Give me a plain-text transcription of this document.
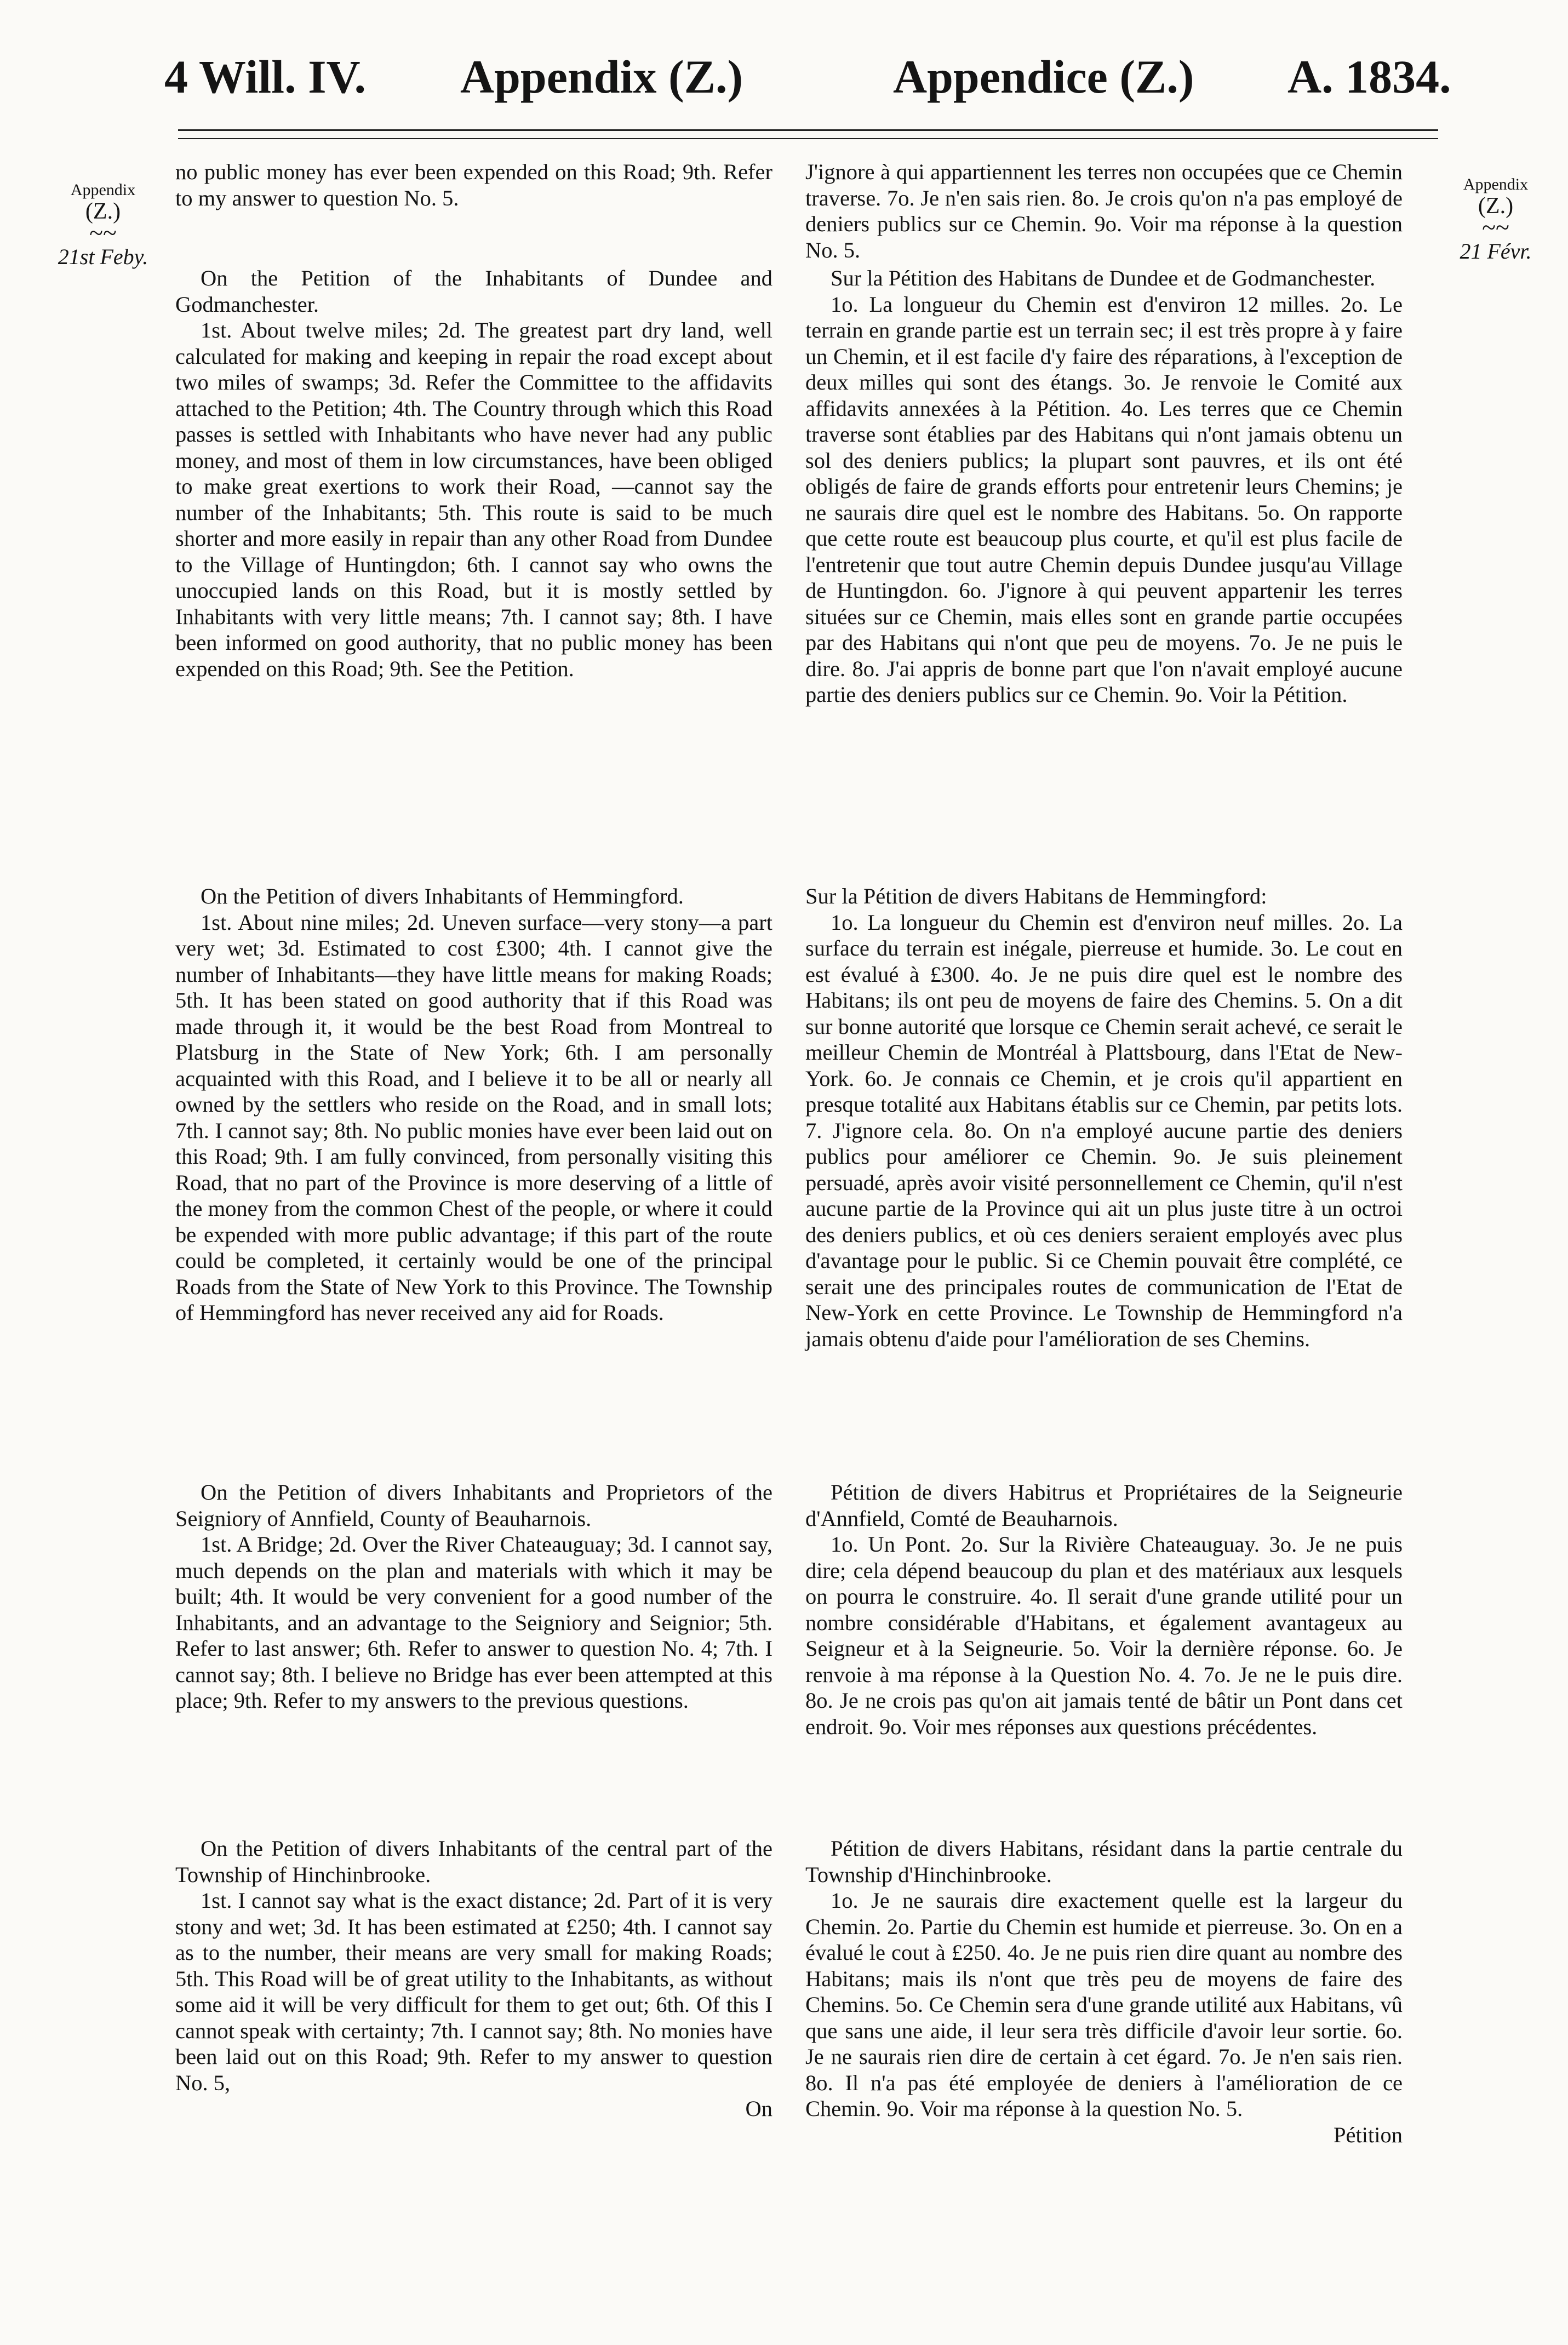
4 Will. IV. Appendix (Z.)	Appendice (Z.) A. 1834.
Appendix
(Z.)
~~
21st Feby.
Appendix
(Z.)
~~
21 Févr.

no public money has ever been expended on this Road; 9th. Refer to my answer to question No. 5.

On the Petition of the Inhabitants of Dundee and Godmanchester.

1st. About twelve miles; 2d. The greatest part dry land, well calculated for making and keeping in repair the road except about two miles of swamps; 3d. Refer the Committee to the affidavits attached to the Petition; 4th. The Country through which this Road passes is settled with Inhabitants who have never had any public money, and most of them in low circumstances, have been obliged to make great exertions to work their Road, —cannot say the number of the Inhabitants; 5th. This route is said to be much shorter and more easily in repair than any other Road from Dundee to the Village of Huntingdon; 6th. I cannot say who owns the unoccupied lands on this Road, but it is mostly settled by Inhabitants with very little means; 7th. I cannot say; 8th. I have been informed on good authority, that no public money has been expended on this Road; 9th. See the Petition.

On the Petition of divers Inhabitants of Hemmingford.

1st. About nine miles; 2d. Uneven surface—very stony—a part very wet; 3d. Estimated to cost £300; 4th. I cannot give the number of Inhabitants—they have little means for making Roads; 5th. It has been stated on good authority that if this Road was made through it, it would be the best Road from Montreal to Platsburg in the State of New York; 6th. I am personally acquainted with this Road, and I believe it to be all or nearly all owned by the settlers who reside on the Road, and in small lots; 7th. I cannot say; 8th. No public monies have ever been laid out on this Road; 9th. I am fully convinced, from personally visiting this Road, that no part of the Province is more deserving of a little of the money from the common Chest of the people, or where it could be expended with more public advantage; if this part of the route could be completed, it certainly would be one of the principal Roads from the State of New York to this Province. The Township of Hemmingford has never received any aid for Roads.

On the Petition of divers Inhabitants and Proprietors of the Seigniory of Annfield, County of Beauharnois.

1st. A Bridge; 2d. Over the River Chateauguay; 3d. I cannot say, much depends on the plan and materials with which it may be built; 4th. It would be very convenient for a good number of the Inhabitants, and an advantage to the Seigniory and Seignior; 5th. Refer to last answer; 6th. Refer to answer to question No. 4; 7th. I cannot say; 8th. I believe no Bridge has ever been attempted at this place; 9th. Refer to my answers to the previous questions.

On the Petition of divers Inhabitants of the central part of the Township of Hinchinbrooke.

1st. I cannot say what is the exact distance; 2d. Part of it is very stony and wet; 3d. It has been estimated at £250; 4th. I cannot say as to the number, their means are very small for making Roads; 5th. This Road will be of great utility to the Inhabitants, as without some aid it will be very difficult for them to get out; 6th. Of this I cannot speak with certainty; 7th. I cannot say; 8th. No monies have been laid out on this Road; 9th. Refer to my answer to question No. 5,

On

J'ignore à qui appartiennent les terres non occupées que ce Chemin traverse. 7o. Je n'en sais rien. 8o. Je crois qu'on n'a pas employé de deniers publics sur ce Chemin. 9o. Voir ma réponse à la question No. 5.

Sur la Pétition des Habitans de Dundee et de Godmanchester.

1o. La longueur du Chemin est d'environ 12 milles. 2o. Le terrain en grande partie est un terrain sec; il est très propre à y faire un Chemin, et il est facile d'y faire des réparations, à l'exception de deux milles qui sont des étangs. 3o. Je renvoie le Comité aux affidavits annexées à la Pétition. 4o. Les terres que ce Chemin traverse sont établies par des Habitans qui n'ont jamais obtenu un sol des deniers publics; la plupart sont pauvres, et ils ont été obligés de faire de grands efforts pour entretenir leurs Chemins; je ne saurais dire quel est le nombre des Habitans. 5o. On rapporte que cette route est beaucoup plus courte, et qu'il est plus facile de l'entretenir que tout autre Chemin depuis Dundee jusqu'au Village de Huntingdon. 6o. J'ignore à qui peuvent appartenir les terres situées sur ce Chemin, mais elles sont en grande partie occupées par des Habitans qui n'ont que peu de moyens. 7o. Je ne puis le dire. 8o. J'ai appris de bonne part que l'on n'avait employé aucune partie des deniers publics sur ce Chemin. 9o. Voir la Pétition.

Sur la Pétition de divers Habitans de Hemmingford:

1o. La longueur du Chemin est d'environ neuf milles. 2o. La surface du terrain est inégale, pierreuse et humide. 3o. Le cout en est évalué à £300. 4o. Je ne puis dire quel est le nombre des Habitans; ils ont peu de moyens de faire des Chemins. 5. On a dit sur bonne autorité que lorsque ce Chemin serait achevé, ce serait le meilleur Chemin de Montréal à Plattsbourg, dans l'Etat de New-York. 6o. Je connais ce Chemin, et je crois qu'il appartient en presque totalité aux Habitans établis sur ce Chemin, par petits lots. 7. J'ignore cela. 8o. On n'a employé aucune partie des deniers publics pour améliorer ce Chemin. 9o. Je suis pleinement persuadé, après avoir visité personnellement ce Chemin, qu'il n'est aucune partie de la Province qui ait un plus juste titre à un octroi des deniers publics, et où ces deniers seraient employés avec plus d'avantage pour le public. Si ce Chemin pouvait être complété, ce serait une des principales routes de communication de l'Etat de New-York en cette Province. Le Township de Hemmingford n'a jamais obtenu d'aide pour l'amélioration de ses Chemins.

Pétition de divers Habitrus et Propriétaires de la Seigneurie d'Annfield, Comté de Beauharnois.

1o. Un Pont. 2o. Sur la Rivière Chateauguay. 3o. Je ne puis dire; cela dépend beaucoup du plan et des matériaux aux lesquels on pourra le construire. 4o. Il serait d'une grande utilité pour un nombre considérable d'Habitans, et également avantageux au Seigneur et à la Seigneurie. 5o. Voir la dernière réponse. 6o. Je renvoie à ma réponse à la Question No. 4. 7o. Je ne le puis dire. 8o. Je ne crois pas qu'on ait jamais tenté de bâtir un Pont dans cet endroit. 9o. Voir mes réponses aux questions précédentes.

Pétition de divers Habitans, résidant dans la partie centrale du Township d'Hinchinbrooke.

1o. Je ne saurais dire exactement quelle est la largeur du Chemin. 2o. Partie du Chemin est humide et pierreuse. 3o. On en a évalué le cout à £250. 4o. Je ne puis rien dire quant au nombre des Habitans; mais ils n'ont que très peu de moyens de faire des Chemins. 5o. Ce Chemin sera d'une grande utilité aux Habitans, vû que sans une aide, il leur sera très difficile d'avoir leur sortie. 6o. Je ne saurais rien dire de certain à cet égard. 7o. Je n'en sais rien. 8o. Il n'a pas été employée de deniers à l'amélioration de ce Chemin. 9o. Voir ma réponse à la question No. 5.

Pétition
